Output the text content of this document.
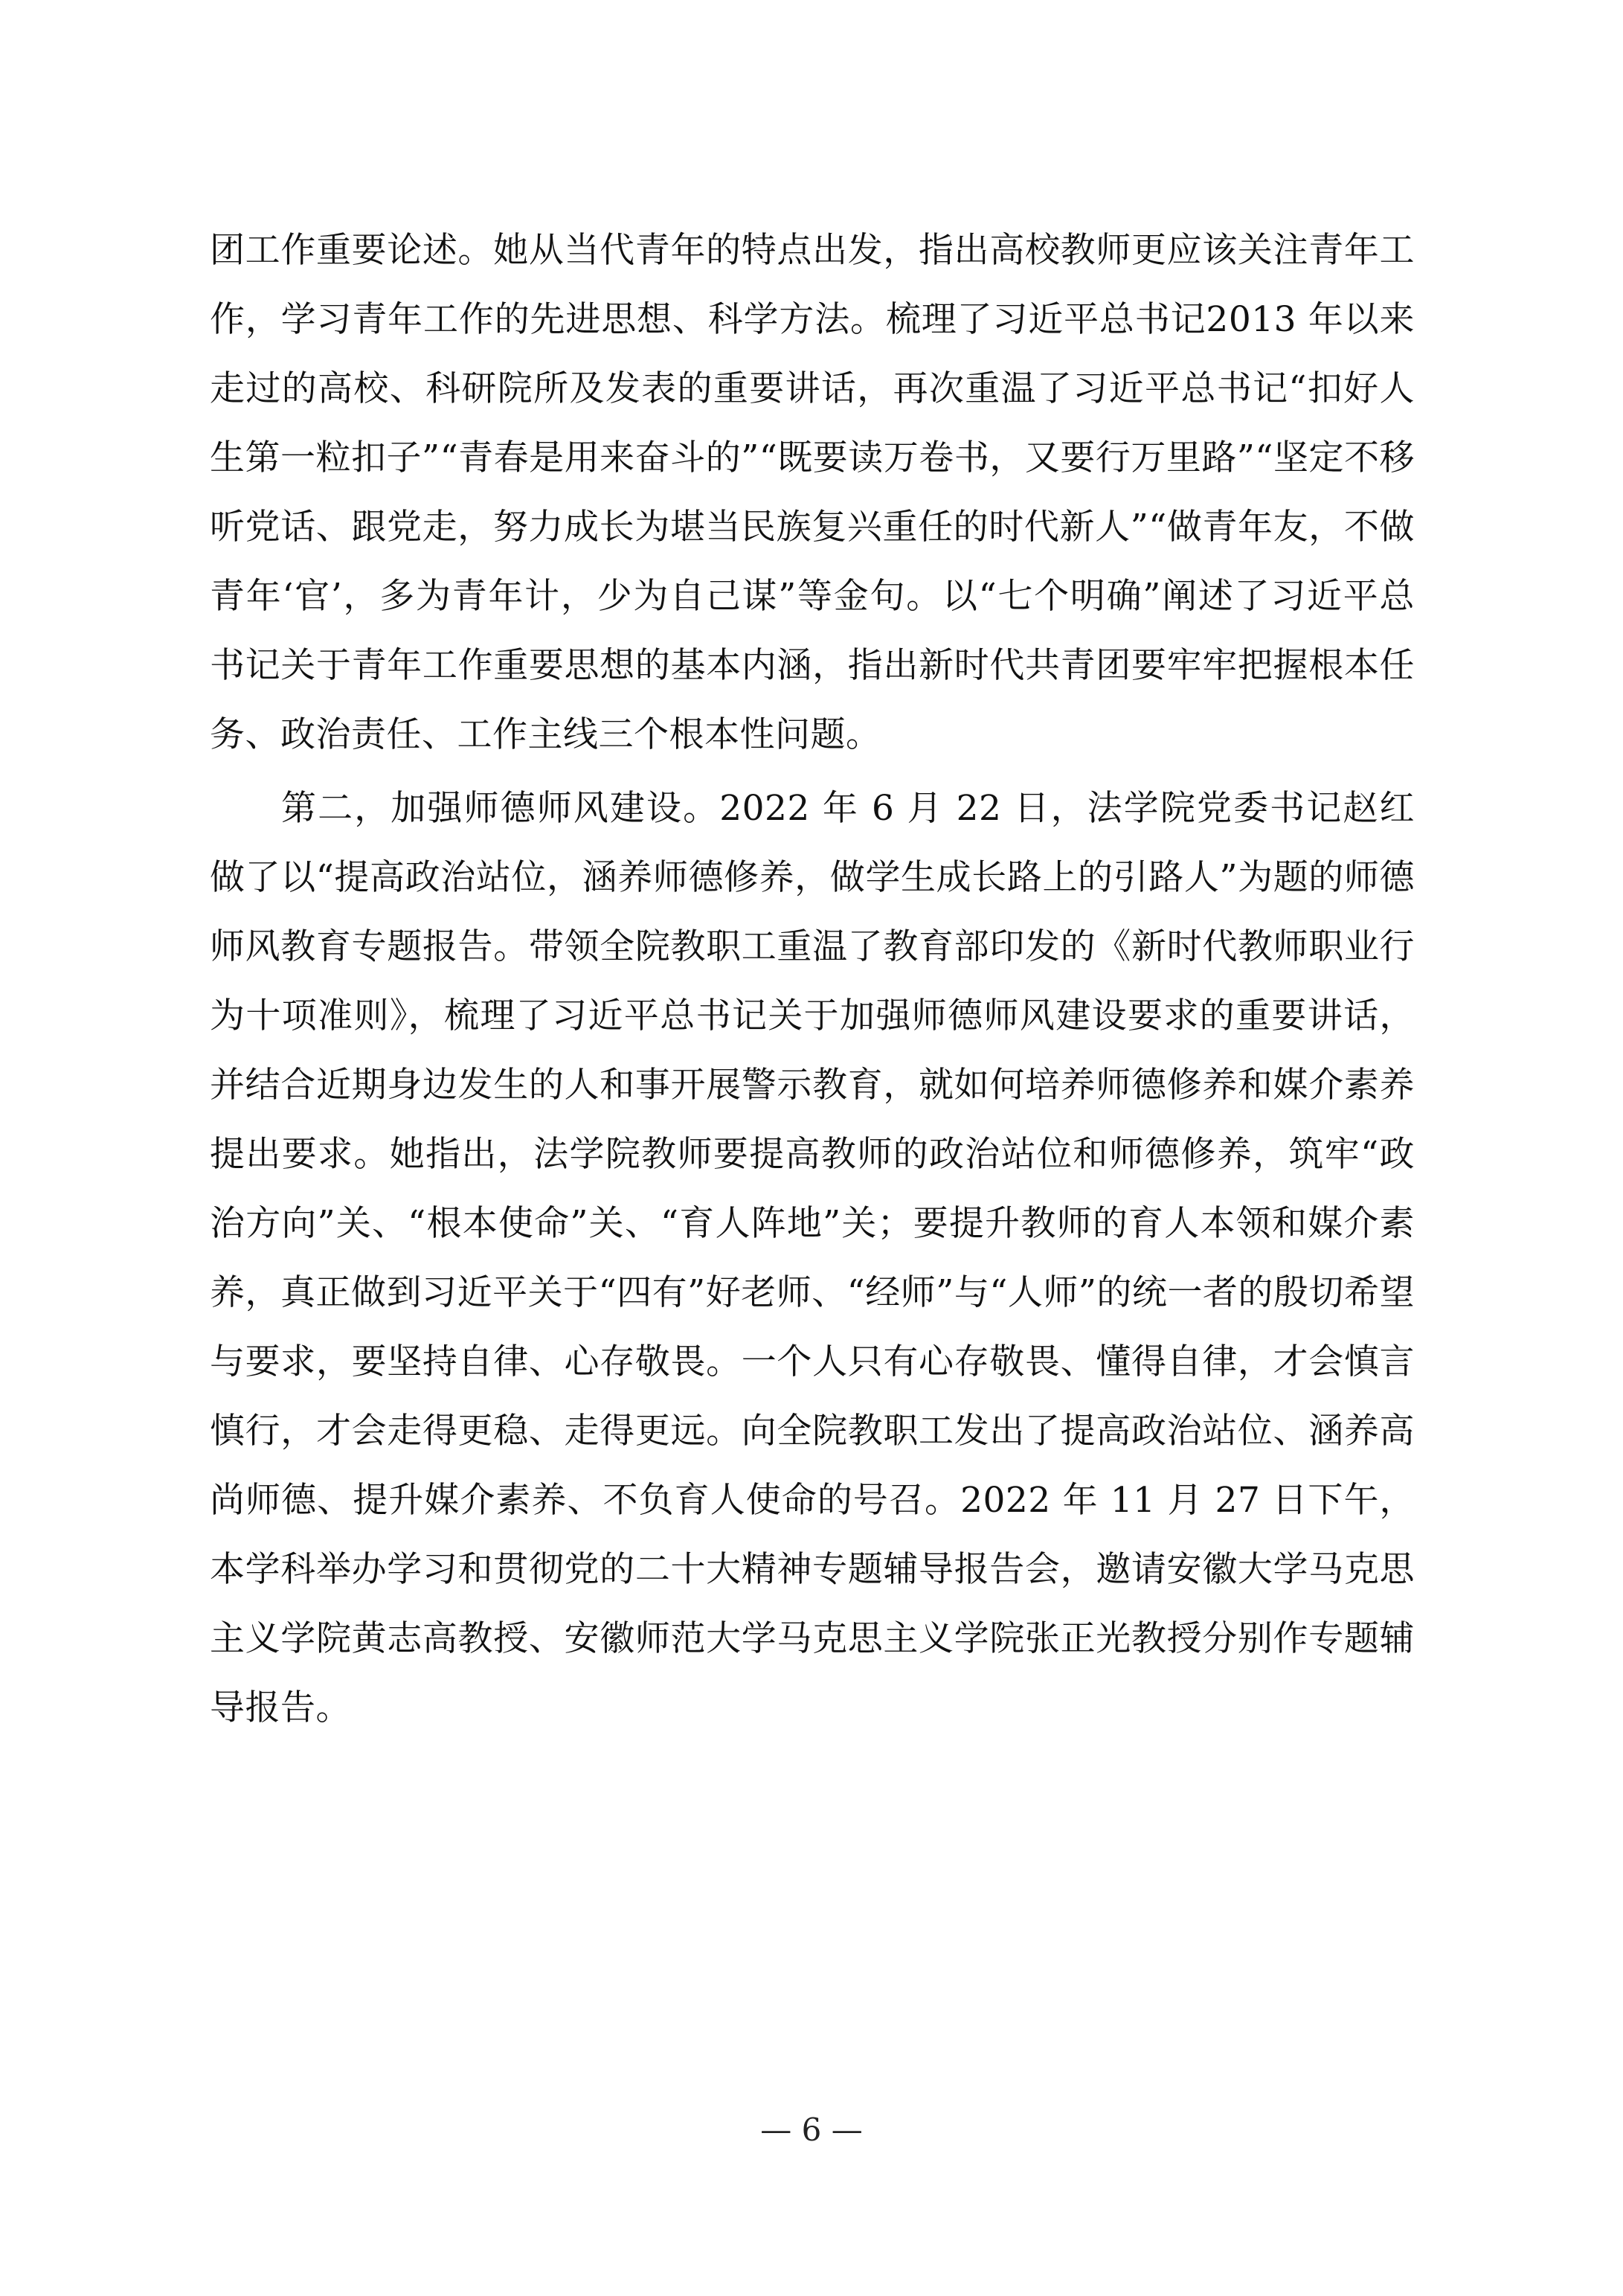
团工作重要论述。她从当代青年的特点出发，指出高校教师更应该关注青年工作，学习青年工作的先进思想、科学方法。梳理了习近平总书记2013 年以来走过的高校、科研院所及发表的重要讲话，再次重温了习近平总书记“扣好人生第一粒扣子”“青春是用来奋斗的”“既要读万卷书，又要行万里路”“坚定不移听党话、跟党走，努力成长为堪当民族复兴重任的时代新人”“做青年友，不做青年‘官’，多为青年计，少为自己谋”等金句。以“七个明确”阐述了习近平总书记关于青年工作重要思想的基本内涵，指出新时代共青团要牢牢把握根本任务、政治责任、工作主线三个根本性问题。

第二，加强师德师风建设。2022 年 6 月 22 日，法学院党委书记赵红做了以“提高政治站位，涵养师德修养，做学生成长路上的引路人”为题的师德师风教育专题报告。带领全院教职工重温了教育部印发的《新时代教师职业行为十项准则》，梳理了习近平总书记关于加强师德师风建设要求的重要讲话，并结合近期身边发生的人和事开展警示教育，就如何培养师德修养和媒介素养提出要求。她指出，法学院教师要提高教师的政治站位和师德修养，筑牢“政治方向”关、“根本使命”关、“育人阵地”关；要提升教师的育人本领和媒介素养，真正做到习近平关于“四有”好老师、“经师”与“人师”的统一者的殷切希望与要求，要坚持自律、心存敬畏。一个人只有心存敬畏、懂得自律，才会慎言慎行，才会走得更稳、走得更远。向全院教职工发出了提高政治站位、涵养高尚师德、提升媒介素养、不负育人使命的号召。2022 年 11 月 27 日下午，本学科举办学习和贯彻党的二十大精神专题辅导报告会，邀请安徽大学马克思主义学院黄志高教授、安徽师范大学马克思主义学院张正光教授分别作专题辅导报告。

— 6 —
